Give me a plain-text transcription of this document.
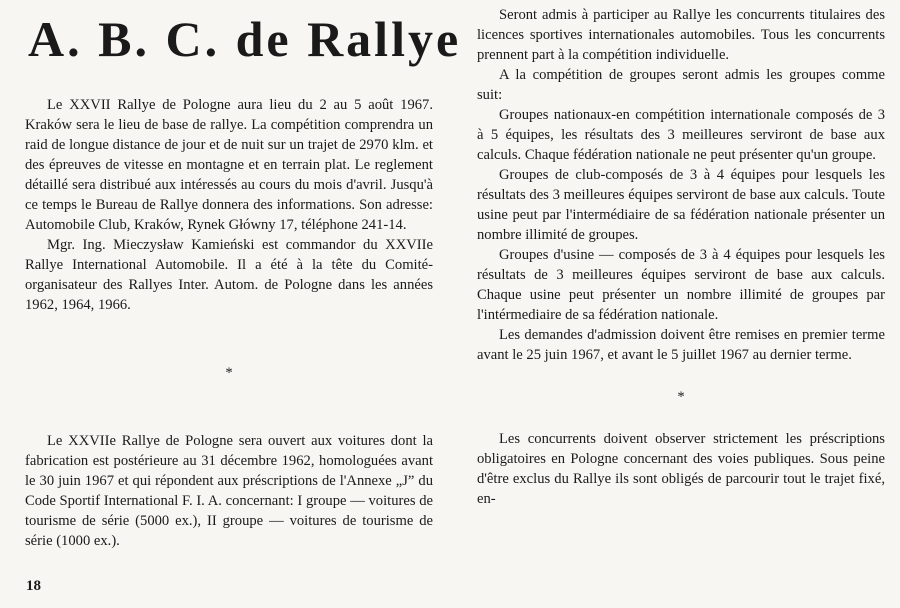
A. B. C. de Rallye

Le XXVII Rallye de Pologne aura lieu du 2 au 5 août 1967. Kraków sera le lieu de base de rallye. La compétition comprendra un raid de longue distance de jour et de nuit sur un trajet de 2970 klm. et des épreuves de vitesse en montagne et en terrain plat. Le reglement détaillé sera distribué aux intéressés au cours du mois d'avril. Jusqu'à ce temps le Bureau de Rallye donnera des informations. Son adresse: Automobile Club, Kraków, Rynek Główny 17, téléphone 241-14.

Mgr. Ing. Mieczysław Kamieński est commandor du XXVIIe Rallye International Automobile. Il a été à la tête du Comité-organisateur des Rallyes Inter. Autom. de Pologne dans les années 1962, 1964, 1966.

*

Le XXVIIe Rallye de Pologne sera ouvert aux voitures dont la fabrication est postérieure au 31 décembre 1962, homologuées avant le 30 juin 1967 et qui répondent aux préscriptions de l'Annexe „J” du Code Sportif International F. I. A. concernant: I groupe — voitures de tourisme de série (5000 ex.), II groupe — voitures de tourisme de série (1000 ex.).

Seront admis à participer au Rallye les concurrents titulaires des licences sportives internationales automobiles. Tous les concurrents prennent part à la compétition individuelle.

A la compétition de groupes seront admis les groupes comme suit:

Groupes nationaux-en compétition internationale composés de 3 à 5 équipes, les résultats des 3 meilleures serviront de base aux calculs. Chaque fédération nationale ne peut présenter qu'un groupe.

Groupes de club-composés de 3 à 4 équipes pour lesquels les résultats des 3 meilleures équipes serviront de base aux calculs. Toute usine peut par l'intermédiaire de sa fédération nationale présenter un nombre illimité de groupes.

Groupes d'usine — composés de 3 à 4 équipes pour lesquels les résultats de 3 meilleures équipes serviront de base aux calculs. Chaque usine peut présenter un nombre illimité de groupes par l'intérmediaire de sa fédération nationale.

Les demandes d'admission doivent être remises en premier terme avant le 25 juin 1967, et avant le 5 juillet 1967 au dernier terme.

*

Les concurrents doivent observer strictement les préscriptions obligatoires en Pologne concernant des voies publiques. Sous peine d'être exclus du Rallye ils sont obligés de parcourir tout le trajet fixé, en-

18
